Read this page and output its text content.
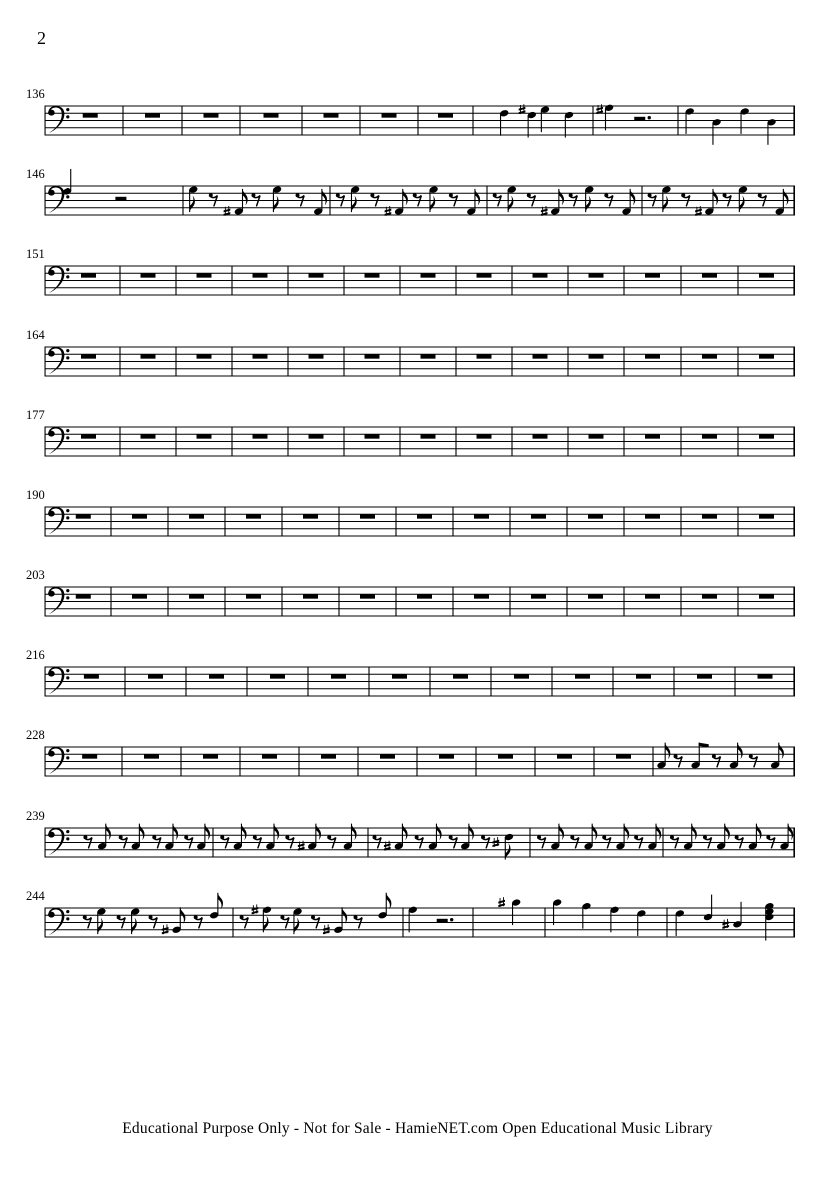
2
136
146
151
164
177
190
203
216
228
239
244
Educational Purpose Only - Not for Sale - HamieNET.com Open Educational Music Library
